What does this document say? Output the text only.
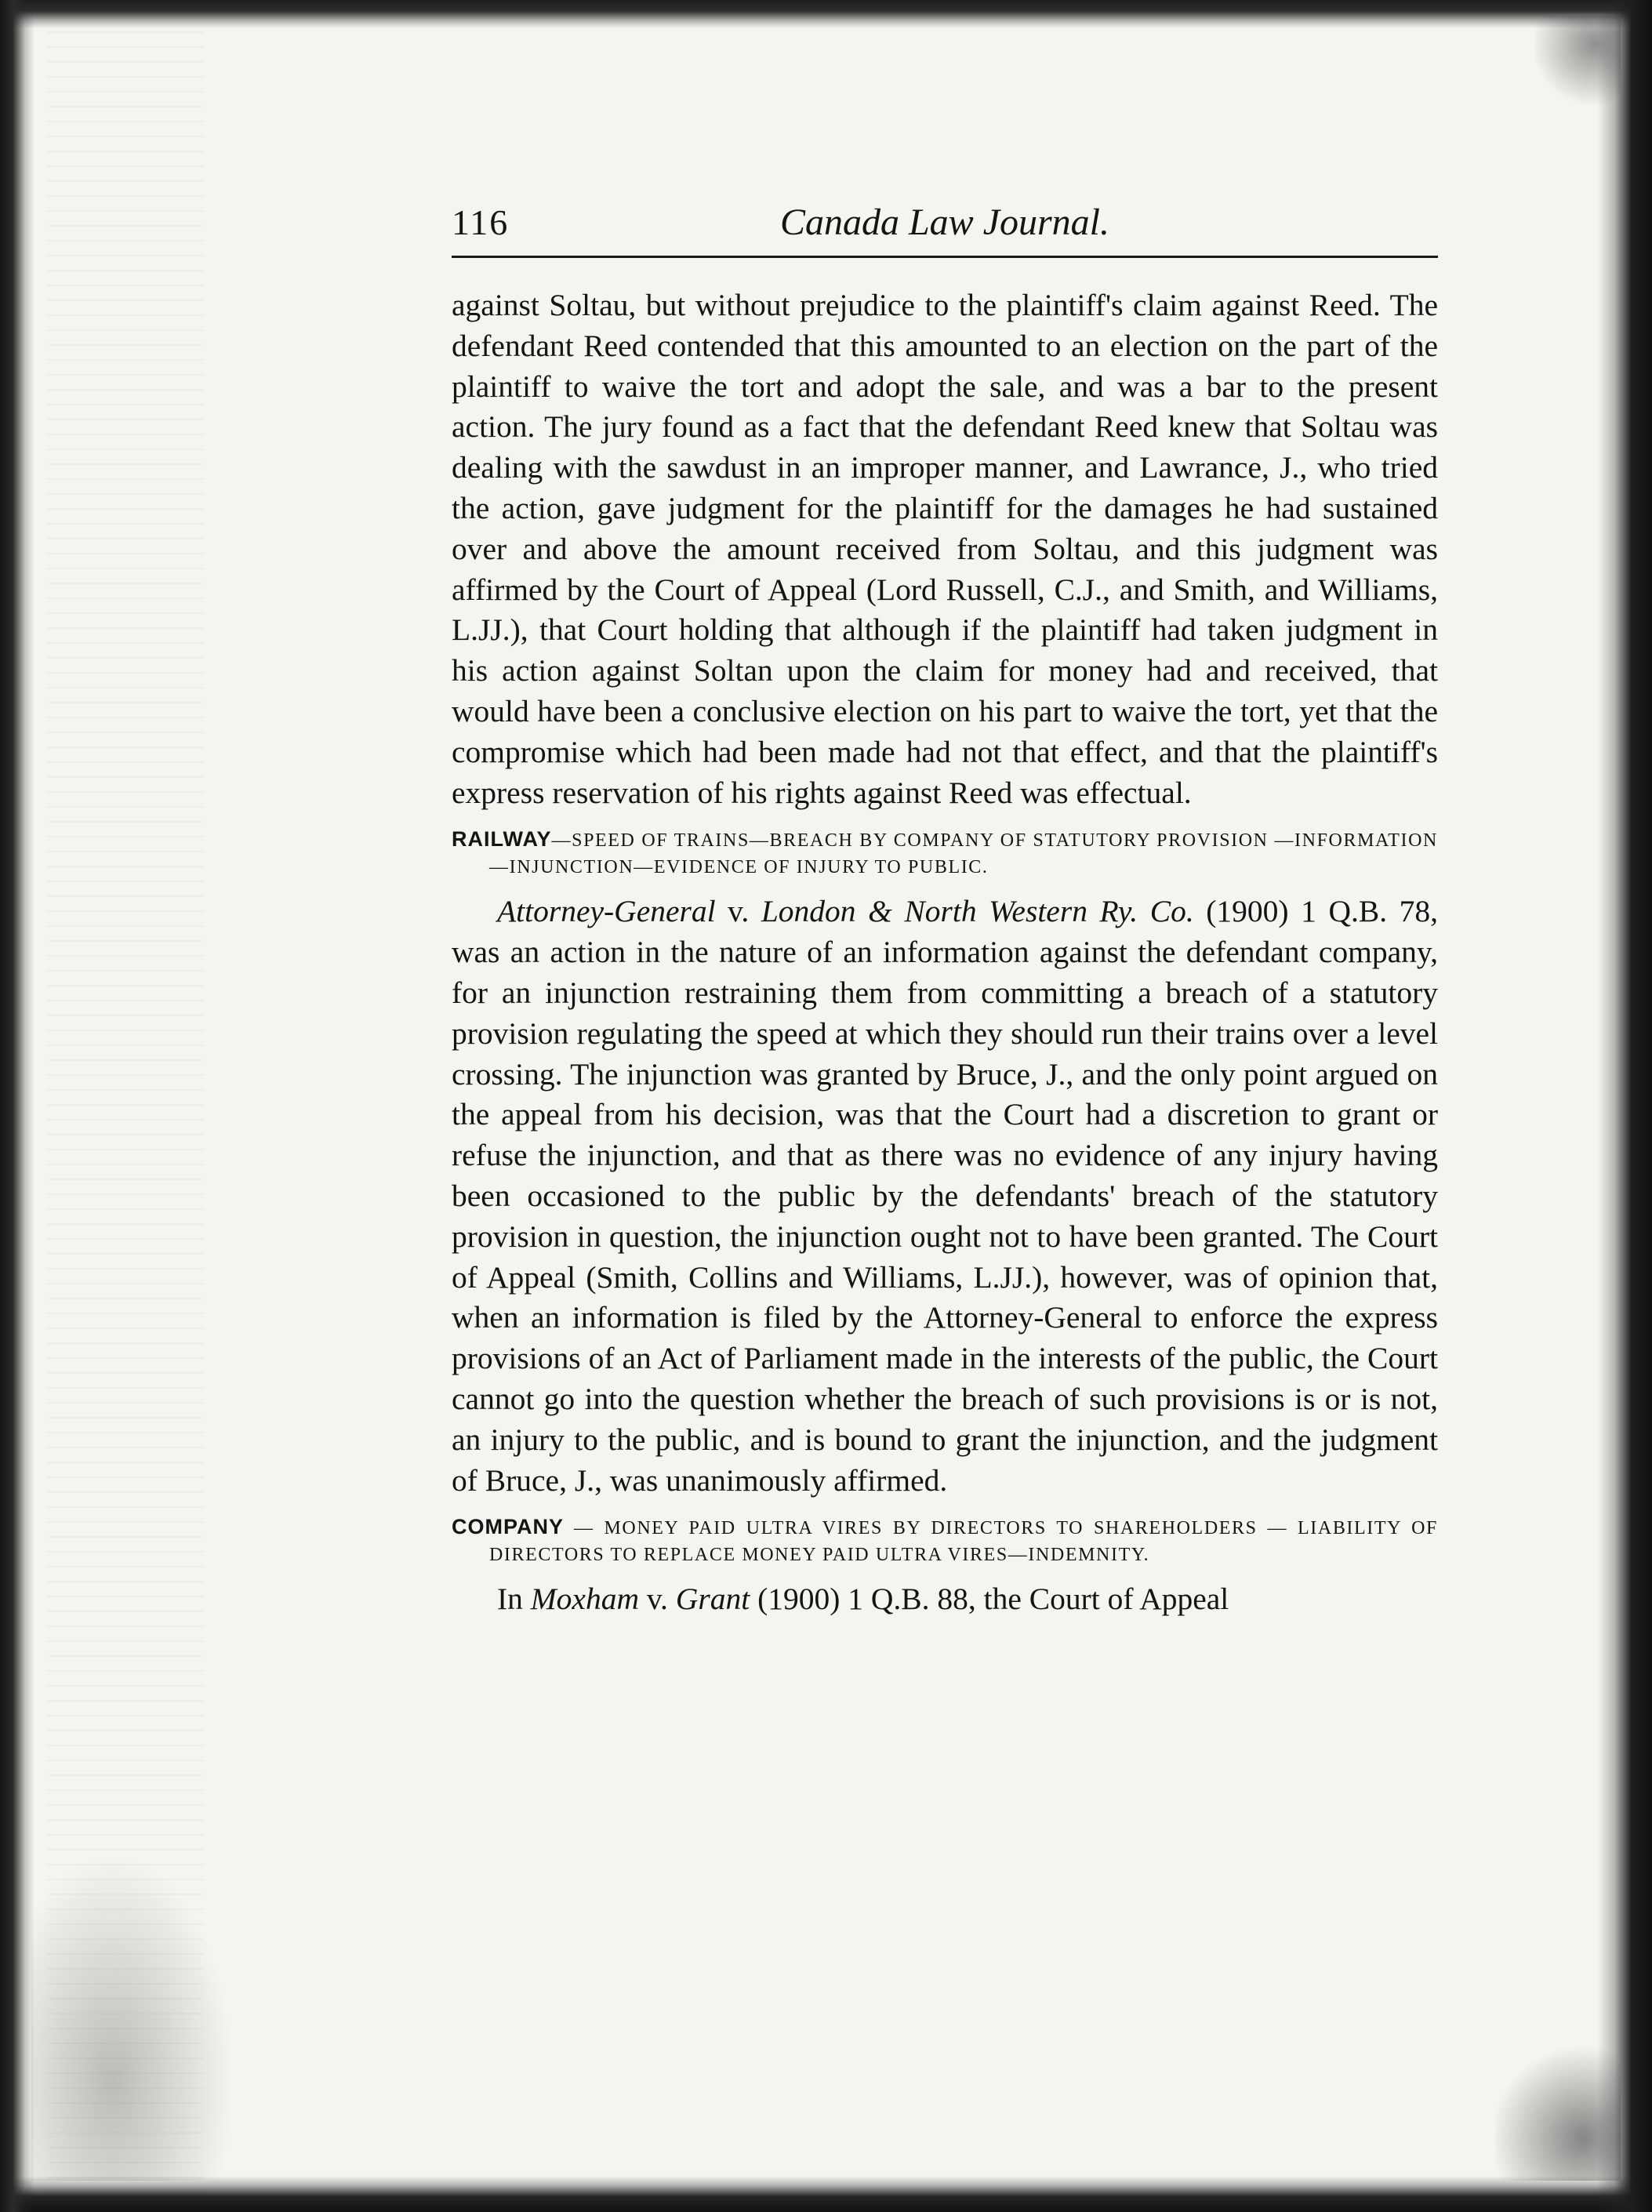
116	Canada Law Journal.

against Soltau, but without prejudice to the plaintiff's claim against Reed. The defendant Reed contended that this amounted to an election on the part of the plaintiff to waive the tort and adopt the sale, and was a bar to the present action. The jury found as a fact that the defendant Reed knew that Soltau was dealing with the sawdust in an improper manner, and Lawrance, J., who tried the action, gave judgment for the plaintiff for the damages he had sustained over and above the amount received from Soltau, and this judgment was affirmed by the Court of Appeal (Lord Russell, C.J., and Smith, and Williams, L.JJ.), that Court holding that although if the plaintiff had taken judgment in his action against Soltan upon the claim for money had and received, that would have been a conclusive election on his part to waive the tort, yet that the compromise which had been made had not that effect, and that the plaintiff's express reservation of his rights against Reed was effectual.

RAILWAY—SPEED OF TRAINS—BREACH BY COMPANY OF STATUTORY PROVISION —INFORMATION—INJUNCTION—EVIDENCE OF INJURY TO PUBLIC.

Attorney-General v. London & North Western Ry. Co. (1900) 1 Q.B. 78, was an action in the nature of an information against the defendant company, for an injunction restraining them from committing a breach of a statutory provision regulating the speed at which they should run their trains over a level crossing. The injunction was granted by Bruce, J., and the only point argued on the appeal from his decision, was that the Court had a discretion to grant or refuse the injunction, and that as there was no evidence of any injury having been occasioned to the public by the defendants' breach of the statutory provision in question, the injunction ought not to have been granted. The Court of Appeal (Smith, Collins and Williams, L.JJ.), however, was of opinion that, when an information is filed by the Attorney-General to enforce the express provisions of an Act of Parliament made in the interests of the public, the Court cannot go into the question whether the breach of such provisions is or is not, an injury to the public, and is bound to grant the injunction, and the judgment of Bruce, J., was unanimously affirmed.

COMPANY — MONEY PAID ULTRA VIRES BY DIRECTORS TO SHAREHOLDERS — LIABILITY OF DIRECTORS TO REPLACE MONEY PAID ULTRA VIRES—INDEMNITY.

In Moxham v. Grant (1900) 1 Q.B. 88, the Court of Appeal
